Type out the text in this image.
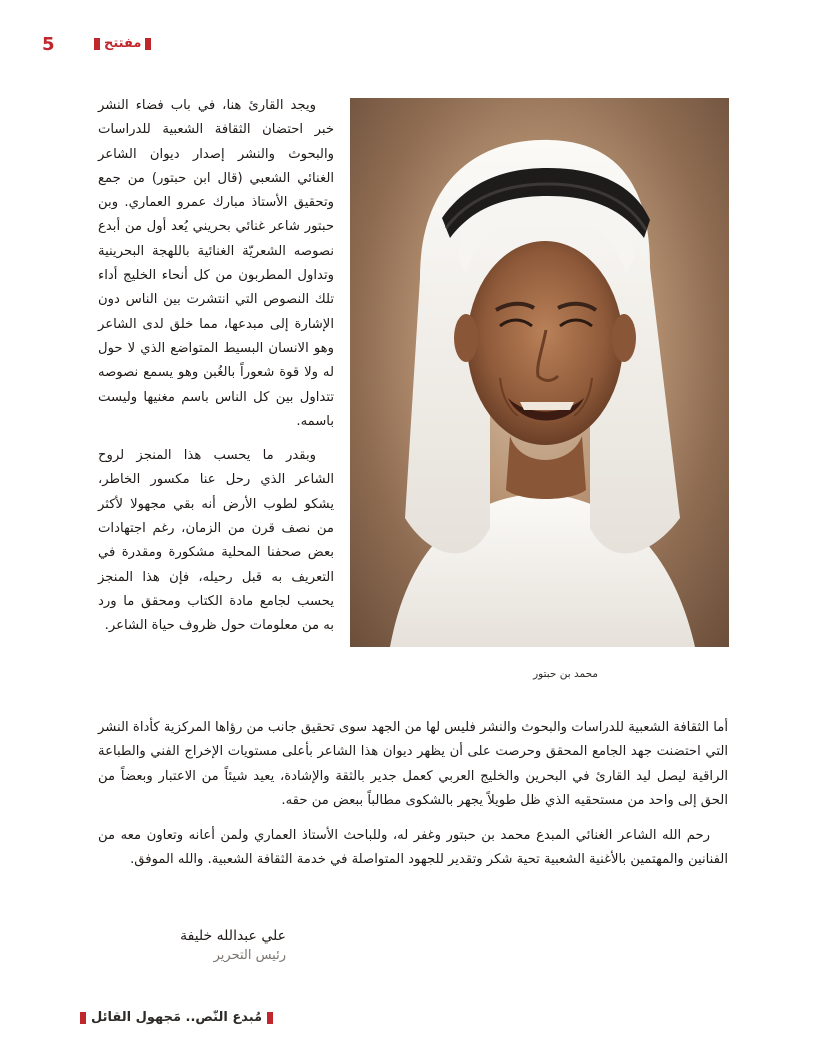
5	مفتتح

ويجد القارئ هنا، في باب فضاء النشر خبر احتضان الثقافة الشعبية للدراسات والبحوث والنشر إصدار ديوان الشاعر الغنائي الشعبي (قال ابن حبتور) من جمع وتحقيق الأستاذ مبارك عمرو العماري. وبن حبتور شاعر غنائي بحريني يُعد أول من أبدع نصوصه الشعريّة الغنائية باللهجة البحرينية وتداول المطربون من كل أنحاء الخليج أداء تلك النصوص التي انتشرت بين الناس دون الإشارة إلى مبدعها، مما خلق لدى الشاعر وهو الانسان البسيط المتواضع الذي لا حول له ولا قوة شعوراً بالغُبن وهو يسمع نصوصه تتداول بين كل الناس باسم مغنيها وليست باسمه.

وبقدر ما يحسب هذا المنجز لروح الشاعر الذي رحل عنا مكسور الخاطر، يشكو لطوب الأرض أنه بقي مجهولا لأكثر من نصف قرن من الزمان، رغم اجتهادات بعض صحفنا المحلية مشكورة ومقدرة في التعريف به قبل رحيله، فإن هذا المنجز يحسب لجامع مادة الكتاب ومحقق ما ورد به من معلومات حول ظروف حياة الشاعر.

محمد بن حبتور

أما الثقافة الشعبية للدراسات والبحوث والنشر فليس لها من الجهد سوى تحقيق جانب من رؤاها المركزية كأداة النشر التي احتضنت جهد الجامع المحقق وحرصت على أن يظهر ديوان هذا الشاعر بأعلى مستويات الإخراج الفني والطباعة الراقية ليصل ليد القارئ في البحرين والخليج العربي كعمل جدير بالثقة والإشادة، يعيد شيئاً من الاعتبار وبعضاً من الحق إلى واحد من مستحقيه الذي ظل طويلاً يجهر بالشكوى مطالباً ببعض من حقه.

رحم الله الشاعر الغنائي المبدع محمد بن حبتور وغفر له، وللباحث الأستاذ العماري ولمن أعانه وتعاون معه من الفنانين والمهتمين بالأغنية الشعبية تحية شكر وتقدير للجهود المتواصلة في خدمة الثقافة الشعبية. والله الموفق.

علي عبدالله خليفة
رئيس التحرير
مُبدع النّص.. مَجهول القائل
